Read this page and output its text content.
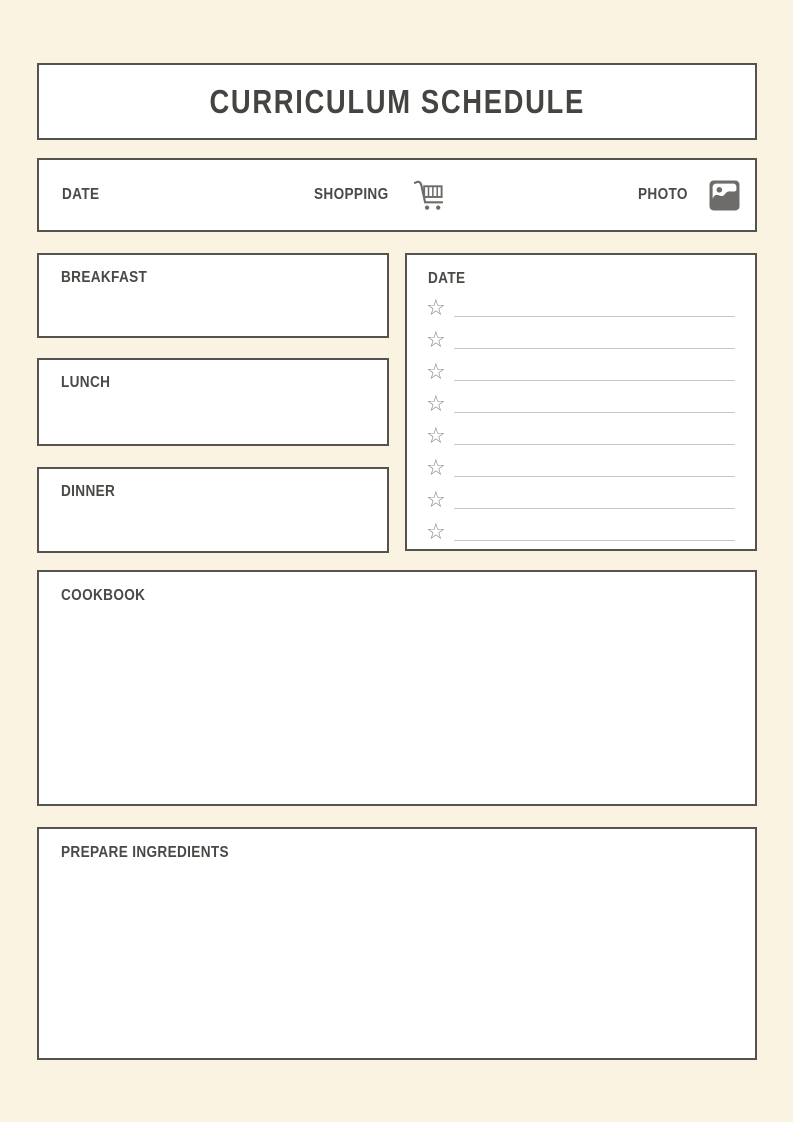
CURRICULUM SCHEDULE
DATE	SHOPPING	PHOTO
BREAKFAST
LUNCH
DINNER
DATE
☆
☆
☆
☆
☆
☆
☆
☆
COOKBOOK
PREPARE INGREDIENTS
